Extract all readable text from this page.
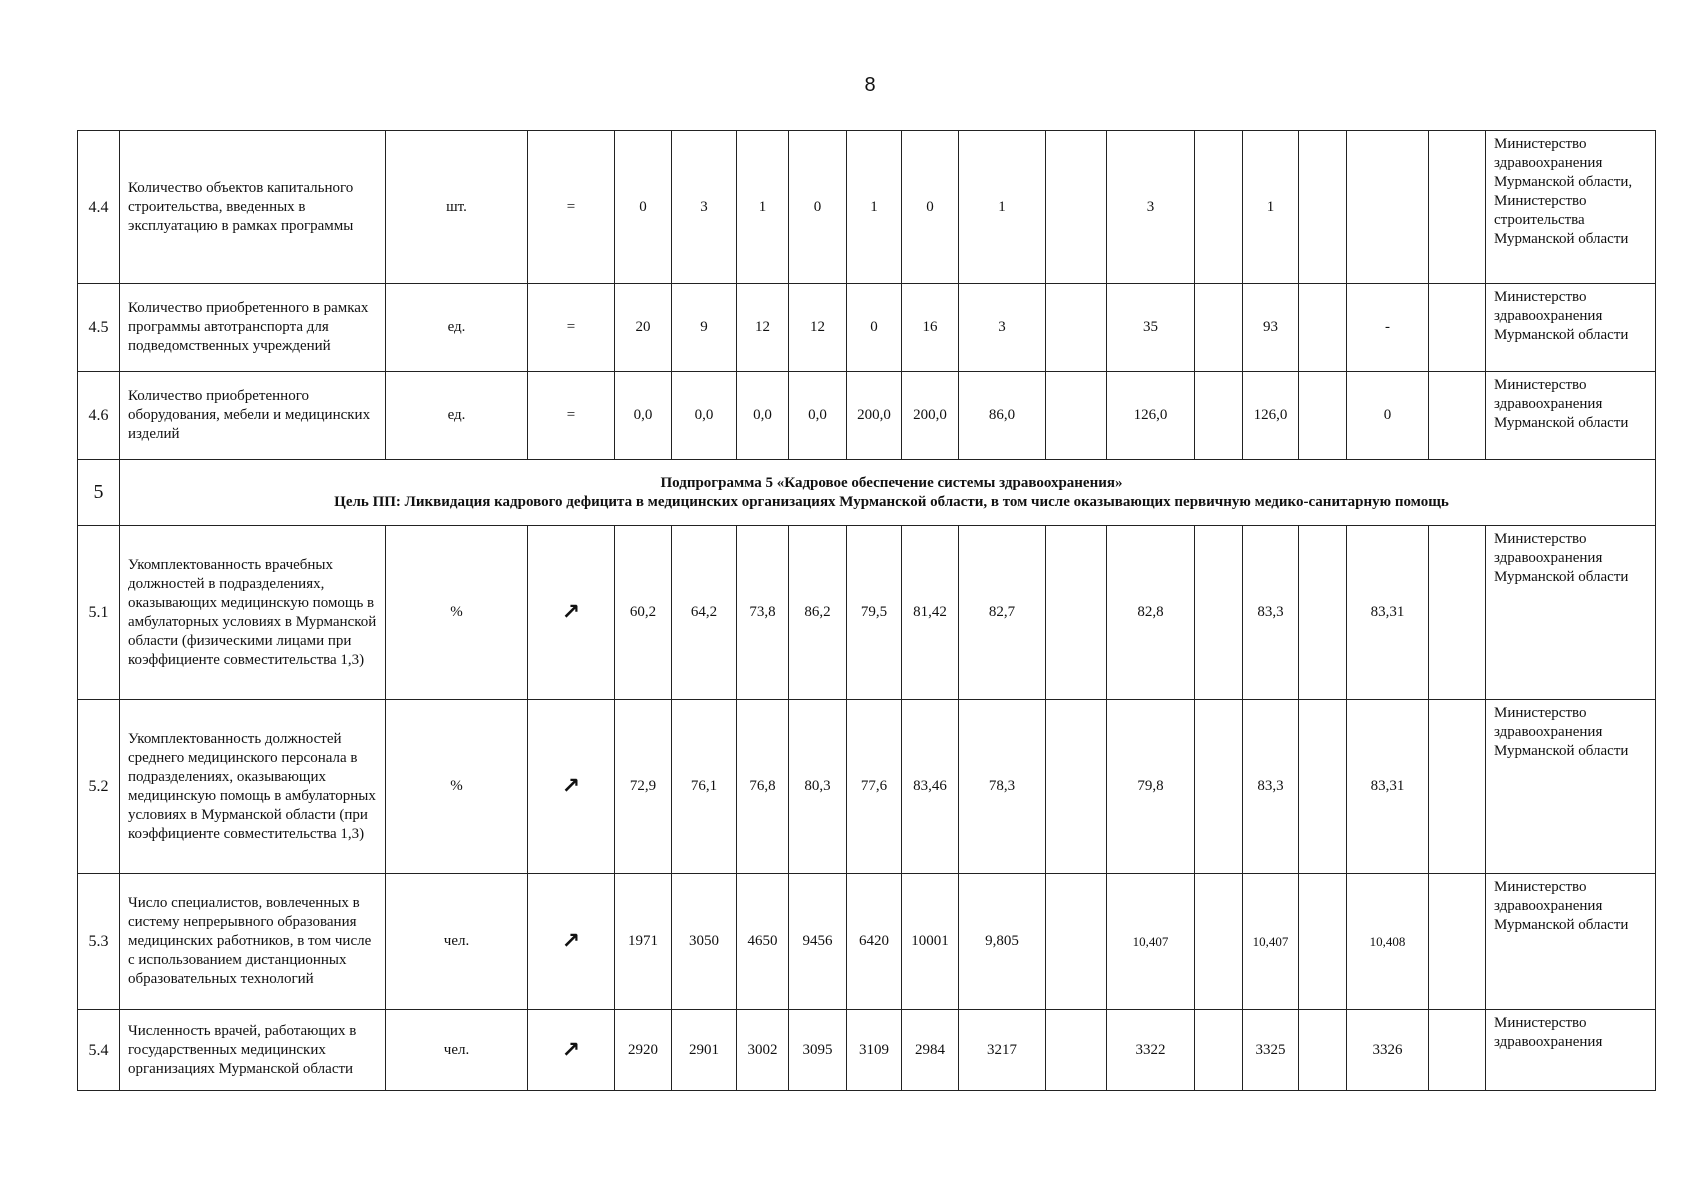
8
4.4	Количество объектов капитального строительства, введенных в эксплуатацию в рамках программы	шт.	=	0	3	1	0	1	0	1		3		1				Министерство здравоохранения Мурманской области, Министерство строительства Мурманской области
4.5	Количество приобретенного в рамках программы автотранспорта для подведомственных учреждений	ед.	=	20	9	12	12	0	16	3		35		93		-		Министерство здравоохранения Мурманской области
4.6	Количество приобретенного оборудования, мебели и медицинских изделий	ед.	=	0,0	0,0	0,0	0,0	200,0	200,0	86,0		126,0		126,0		0		Министерство здравоохранения Мурманской области
5	Подпрограмма 5 «Кадровое обеспечение системы здравоохранения»
Цель ПП: Ликвидация кадрового дефицита в медицинских организациях Мурманской области, в том числе оказывающих первичную медико-санитарную помощь																	

5.1	Укомплектованность врачебных должностей в подразделениях, оказывающих медицинскую помощь в амбулаторных условиях в Мурманской области (физическими лицами при коэффициенте совместительства 1,3)	%	↗	60,2	64,2	73,8	86,2	79,5	81,42	82,7		82,8		83,3		83,31		Министерство здравоохранения Мурманской области
5.2	Укомплектованность должностей среднего медицинского персонала в подразделениях, оказывающих медицинскую помощь в амбулаторных условиях в Мурманской области (при коэффициенте совместительства 1,3)	%	↗	72,9	76,1	76,8	80,3	77,6	83,46	78,3		79,8		83,3		83,31		Министерство здравоохранения Мурманской области
5.3	Число специалистов, вовлеченных в систему непрерывного образования медицинских работников, в том числе с использованием дистанционных образовательных технологий	чел.	↗	1971	3050	4650	9456	6420	10001	9,805		10,407		10,407		10,408		Министерство здравоохранения Мурманской области
5.4	Численность врачей, работающих в государственных медицинских организациях Мурманской области	чел.	↗	2920	2901	3002	3095	3109	2984	3217		3322		3325		3326		Министерство здравоохранения
